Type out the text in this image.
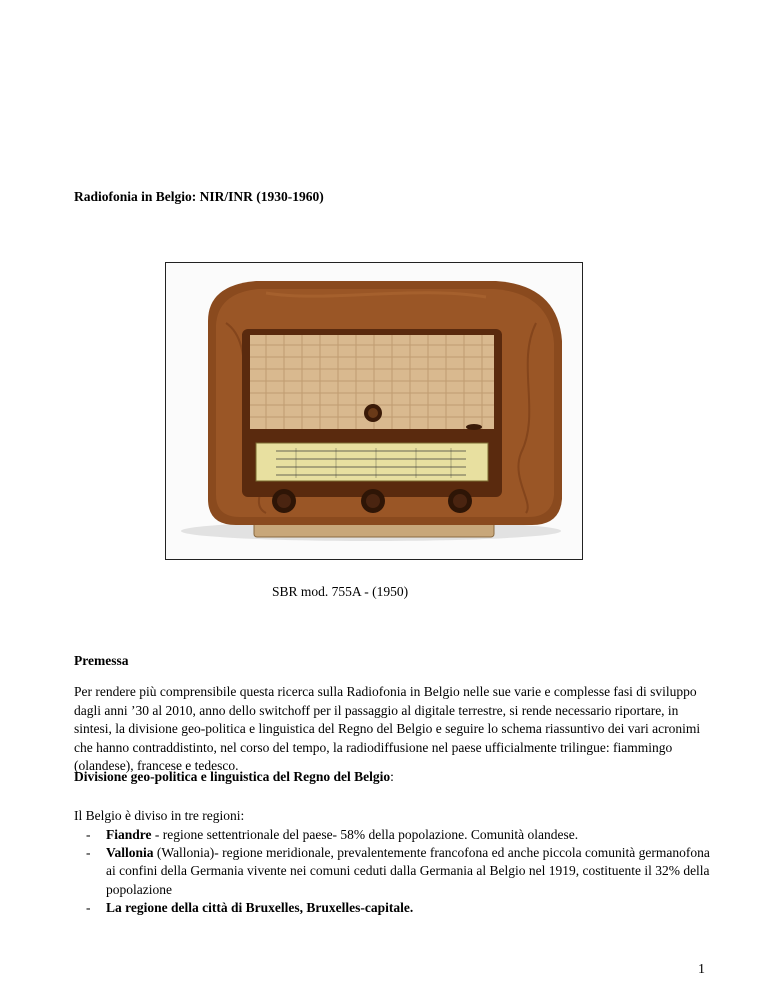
Radiofonia in Belgio: NIR/INR (1930-1960)
SBR mod. 755A - (1950)
Premessa
Per rendere più comprensibile questa ricerca sulla Radiofonia in Belgio nelle sue varie e complesse fasi di sviluppo dagli anni ’30 al 2010, anno dello switchoff per il passaggio al digitale terrestre, si rende necessario riportare, in sintesi, la divisione geo-politica e linguistica del Regno del Belgio e seguire lo schema riassuntivo dei vari acronimi che hanno contraddistinto, nel corso del tempo, la radiodiffusione nel paese ufficialmente trilingue: fiammingo (olandese), francese e tedesco.
Divisione geo-politica e linguistica del Regno del Belgio:
Il Belgio è diviso in tre regioni:
- Fiandre - regione settentrionale del paese- 58% della popolazione. Comunità olandese.
- Vallonia (Wallonia)- regione meridionale, prevalentemente francofona ed anche piccola comunità germanofona ai confini della Germania vivente nei comuni ceduti dalla Germania al Belgio nel 1919, costituente il 32% della popolazione
- La regione della città di Bruxelles, Bruxelles-capitale.
1
